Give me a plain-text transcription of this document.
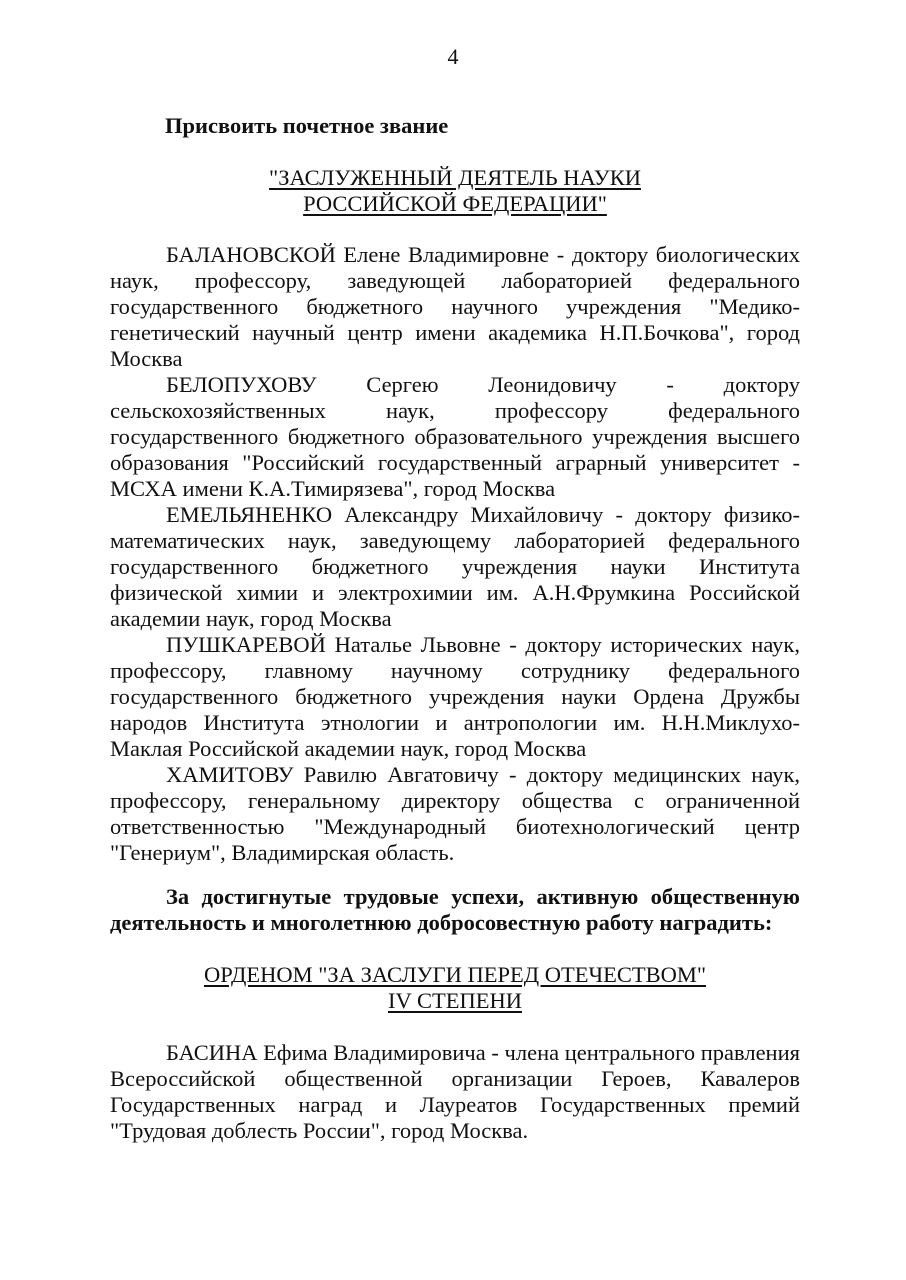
4
Присвоить почетное звание
"ЗАСЛУЖЕННЫЙ ДЕЯТЕЛЬ НАУКИ
РОССИЙСКОЙ ФЕДЕРАЦИИ"

БАЛАНОВСКОЙ Елене Владимировне - доктору биологических наук, профессору, заведующей лабораторией федерального государственного бюджетного научного учреждения "Медико-генетический научный центр имени академика Н.П.Бочкова", город Москва

БЕЛОПУХОВУ Сергею Леонидовичу - доктору сельскохозяйственных наук, профессору федерального государственного бюджетного образовательного учреждения высшего образования "Российский государственный аграрный университет - МСХА имени К.А.Тимирязева", город Москва

ЕМЕЛЬЯНЕНКО Александру Михайловичу - доктору физико-математических наук, заведующему лабораторией федерального государственного бюджетного учреждения науки Института физической химии и электрохимии им. А.Н.Фрумкина Российской академии наук, город Москва

ПУШКАРЕВОЙ Наталье Львовне - доктору исторических наук, профессору, главному научному сотруднику федерального государственного бюджетного учреждения науки Ордена Дружбы народов Института этнологии и антропологии им. Н.Н.Миклухо-Маклая Российской академии наук, город Москва

ХАМИТОВУ Равилю Авгатовичу - доктору медицинских наук, профессору, генеральному директору общества с ограниченной ответственностью "Международный биотехнологический центр "Генериум", Владимирская область.

За достигнутые трудовые успехи, активную общественную деятельность и многолетнюю добросовестную работу наградить:
ОРДЕНОМ "ЗА ЗАСЛУГИ ПЕРЕД ОТЕЧЕСТВОМ"
IV СТЕПЕНИ

БАСИНА Ефима Владимировича - члена центрального правления Всероссийской общественной организации Героев, Кавалеров Государственных наград и Лауреатов Государственных премий "Трудовая доблесть России", город Москва.
